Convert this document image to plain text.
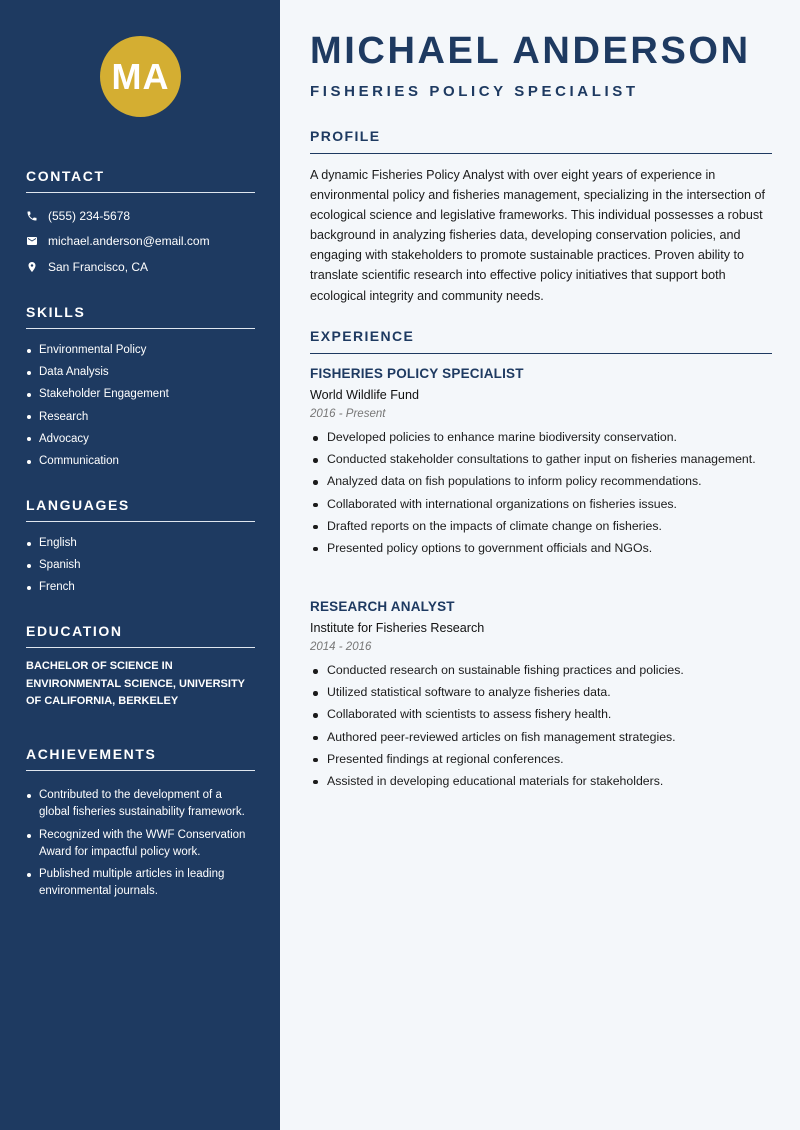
MA
CONTACT
(555) 234-5678
michael.anderson@email.com
San Francisco, CA
SKILLS
Environmental Policy
Data Analysis
Stakeholder Engagement
Research
Advocacy
Communication
LANGUAGES
English
Spanish
French
EDUCATION

BACHELOR OF SCIENCE IN ENVIRONMENTAL SCIENCE, UNIVERSITY OF CALIFORNIA, BERKELEY

ACHIEVEMENTS
Contributed to the development of a global fisheries sustainability framework.
Recognized with the WWF Conservation Award for impactful policy work.
Published multiple articles in leading environmental journals.
MICHAEL ANDERSON
FISHERIES POLICY SPECIALIST
PROFILE

A dynamic Fisheries Policy Analyst with over eight years of experience in environmental policy and fisheries management, specializing in the intersection of ecological science and legislative frameworks. This individual possesses a robust background in analyzing fisheries data, developing conservation policies, and engaging with stakeholders to promote sustainable practices. Proven ability to translate scientific research into effective policy initiatives that support both ecological integrity and community needs.

EXPERIENCE
FISHERIES POLICY SPECIALIST
World Wildlife Fund
2016 - Present
Developed policies to enhance marine biodiversity conservation.
Conducted stakeholder consultations to gather input on fisheries management.
Analyzed data on fish populations to inform policy recommendations.
Collaborated with international organizations on fisheries issues.
Drafted reports on the impacts of climate change on fisheries.
Presented policy options to government officials and NGOs.
RESEARCH ANALYST
Institute for Fisheries Research
2014 - 2016
Conducted research on sustainable fishing practices and policies.
Utilized statistical software to analyze fisheries data.
Collaborated with scientists to assess fishery health.
Authored peer-reviewed articles on fish management strategies.
Presented findings at regional conferences.
Assisted in developing educational materials for stakeholders.
